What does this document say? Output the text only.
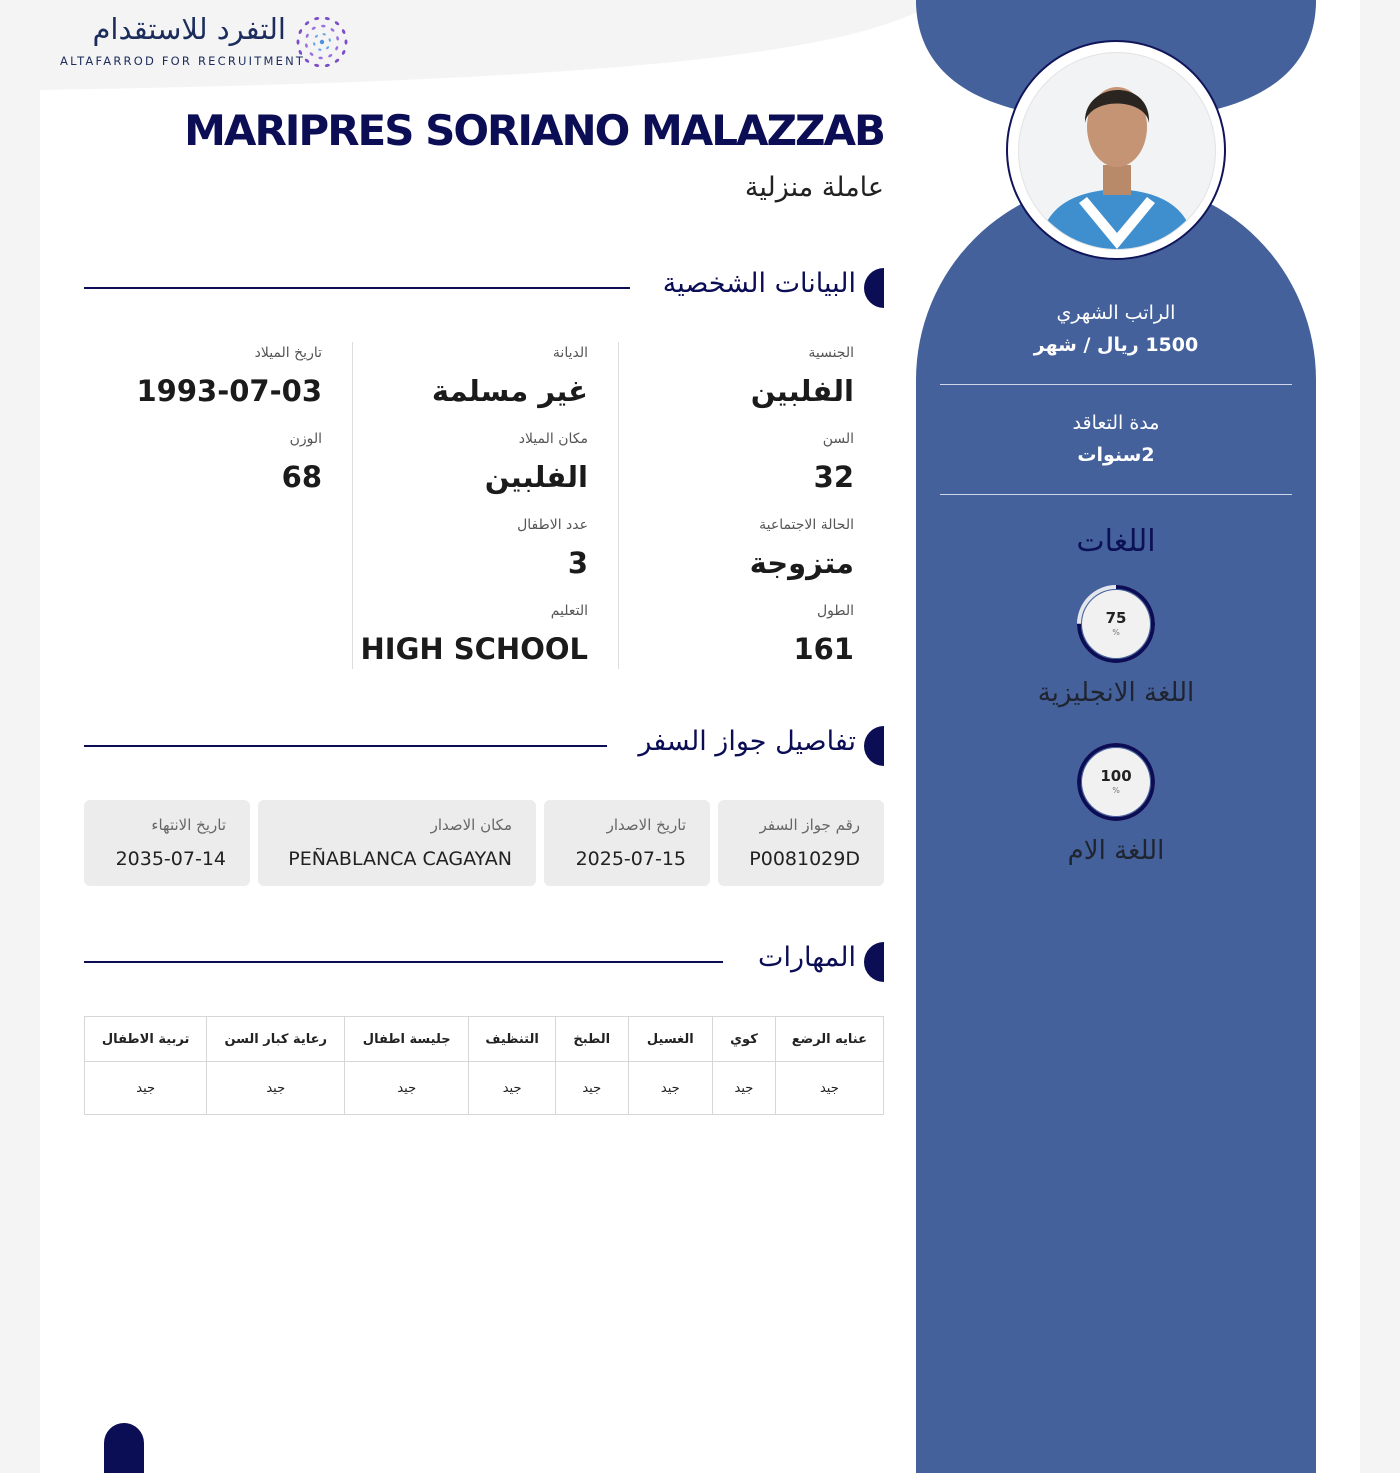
التفرد للاستقدام
ALTAFARROD FOR RECRUITMENT
MARIPRES SORIANO MALAZZAB
عاملة منزلية
البيانات الشخصية
الجنسية
الفلبين
الديانة
غير مسلمة
تاريخ الميلاد
1993-07-03
السن
32
مكان الميلاد
الفلبين
الوزن
68
الحالة الاجتماعية
متزوجة
عدد الاطفال
3
الطول
161
التعليم
HIGH SCHOOL
تفاصيل جواز السفر
رقم جواز السفر
P0081029D
تاريخ الاصدار
2025-07-15
مكان الاصدار
PEÑABLANCA CAGAYAN
تاريخ الانتهاء
2035-07-14
المهارات
عنايه الرضع	كوي	الغسيل	الطبخ	التنظيف	جليسة اطفال	رعاية كبار السن	تربية الاطفال
جيد	جيد	جيد	جيد	جيد	جيد	جيد	جيد
الراتب الشهري
1500 ريال / شهر
مدة التعاقد
2سنوات
اللغات
75
%
اللغة الانجليزية
100
%
اللغة الام
